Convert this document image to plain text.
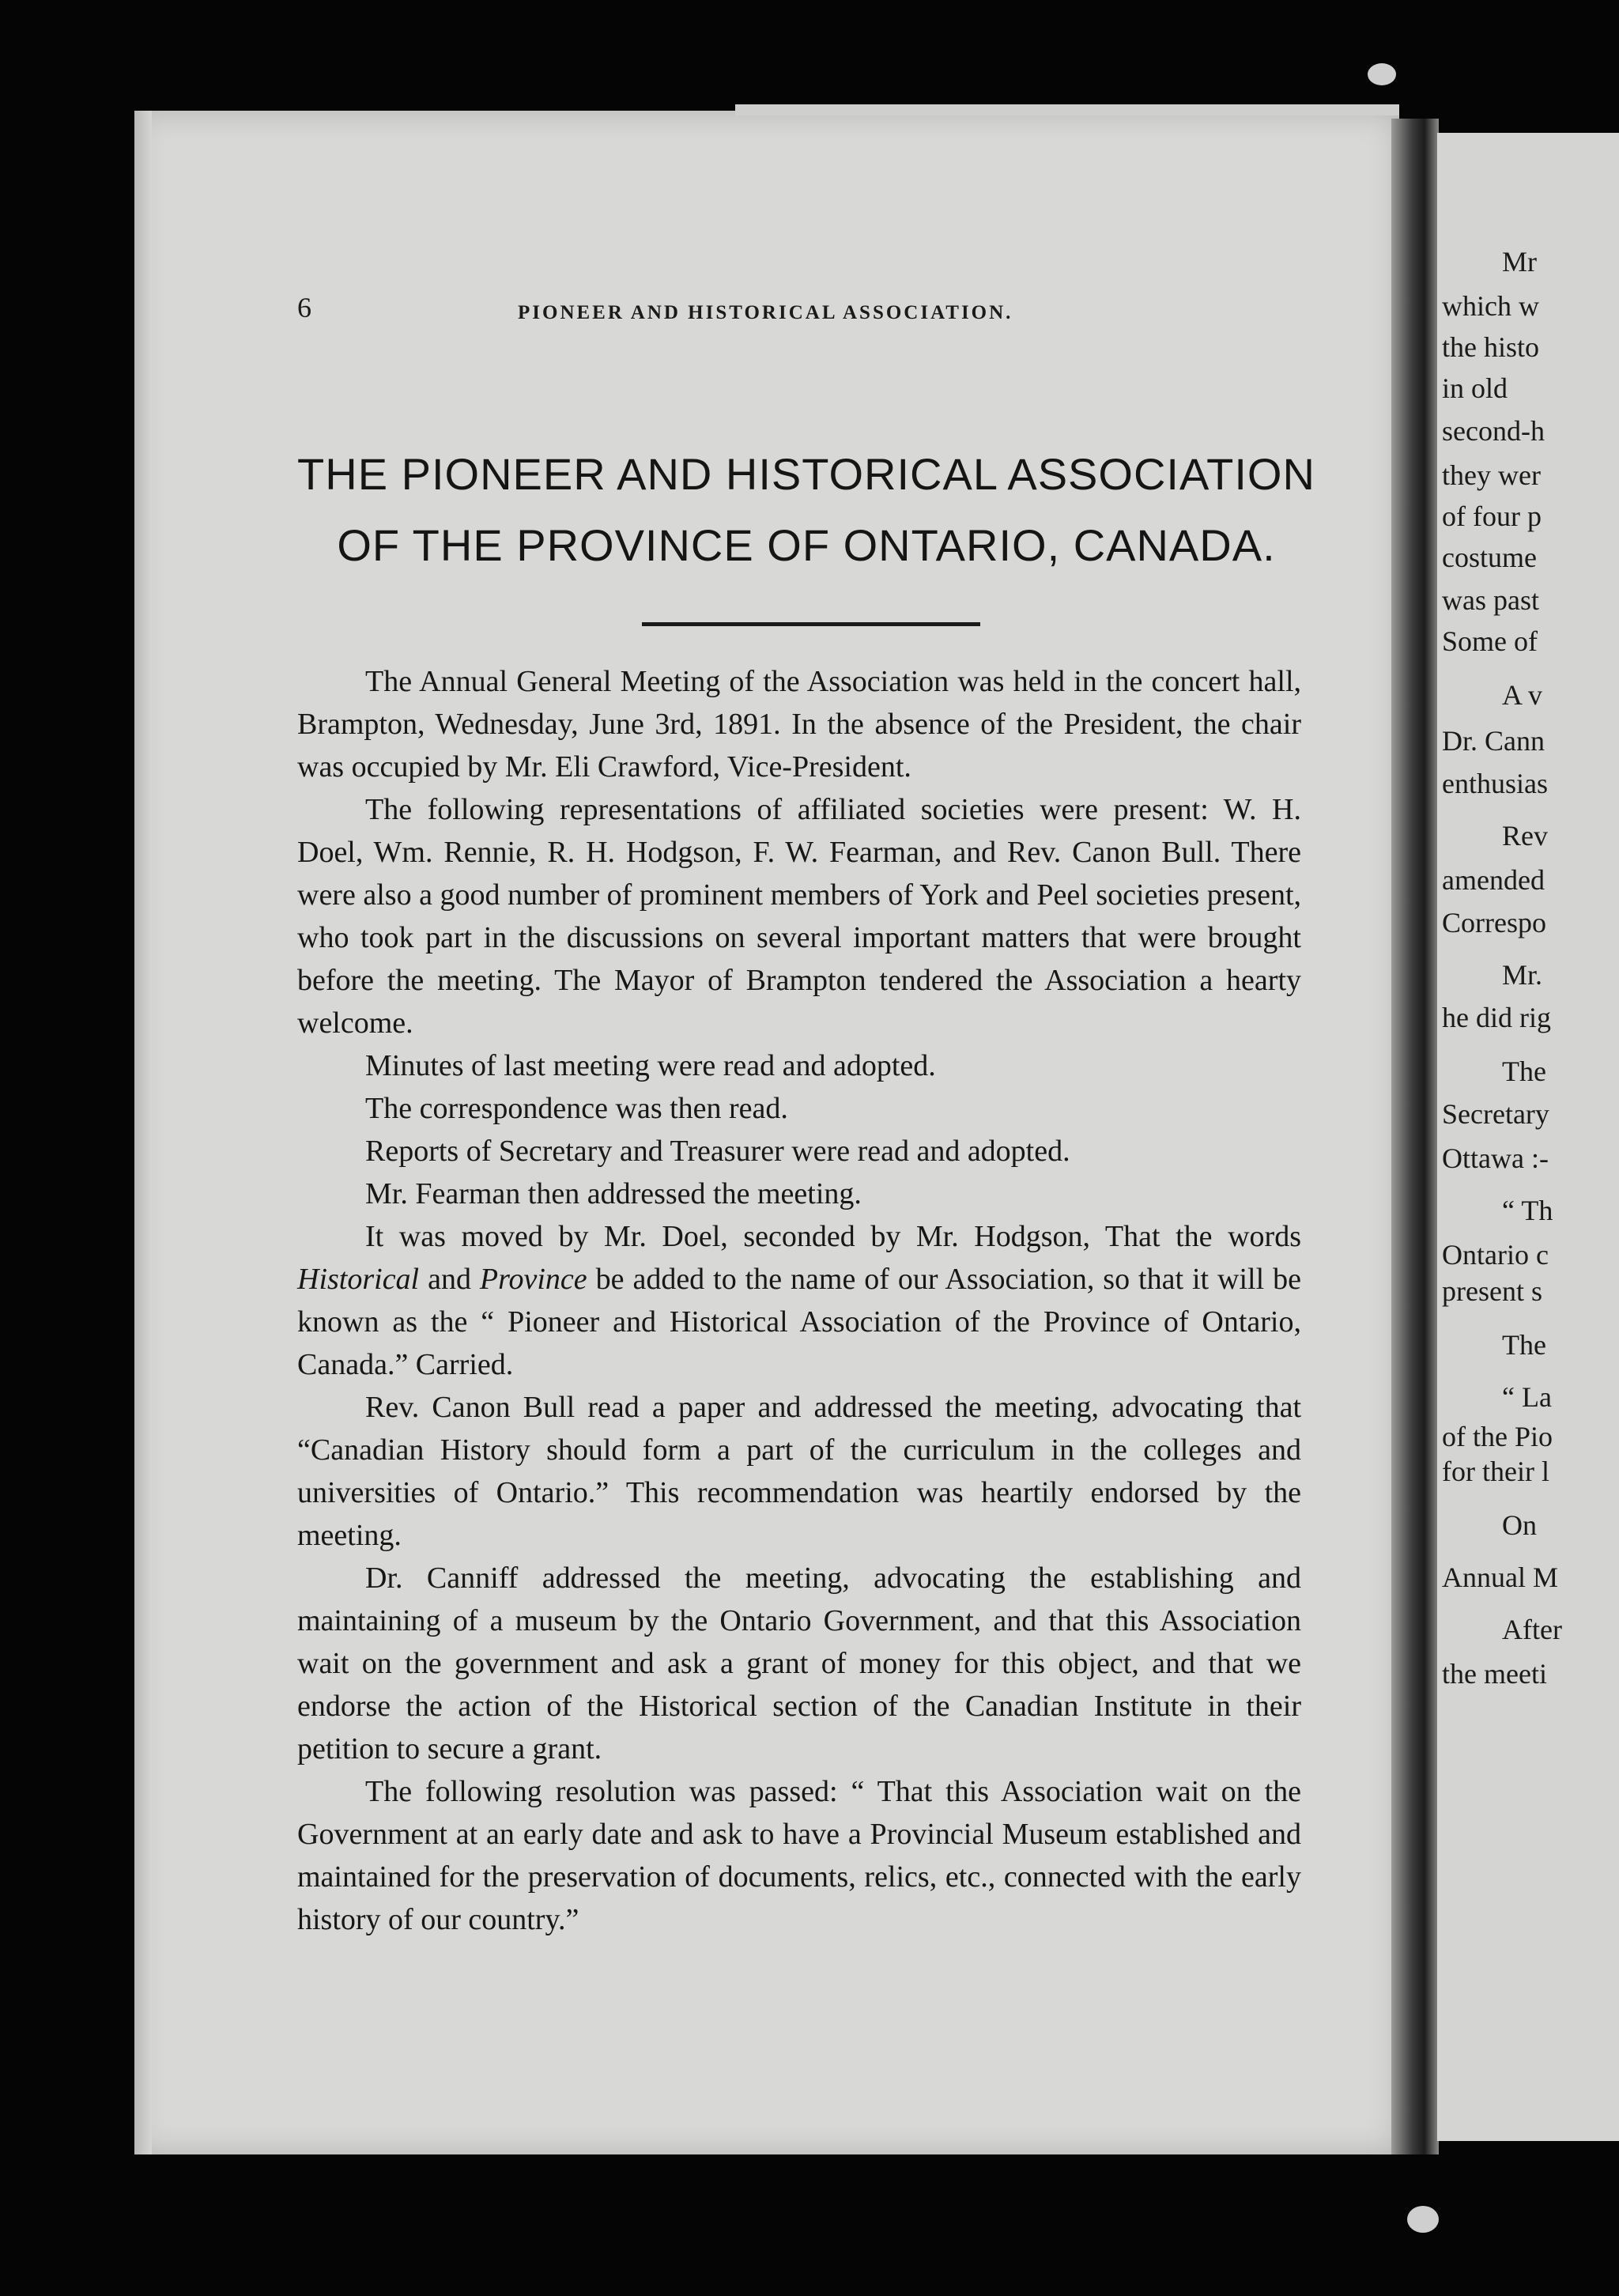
Mr
which w
the histo
in old
second-h
they wer
of four p
costume
was past
Some of
A v
Dr. Cann
enthusias
Rev
amended
Correspo
Mr.
he did rig
The
Secretary
Ottawa :-
“ Th
Ontario c
present s
The
“ La
of the Pio
for their l
On
Annual M
After
the meeti
6	PIONEER AND HISTORICAL ASSOCIATION.
THE PIONEER AND HISTORICAL ASSOCIATION
OF THE PROVINCE OF ONTARIO, CANADA.

The Annual General Meeting of the Association was held in the concert hall, Brampton, Wednesday, June 3rd, 1891. In the absence of the President, the chair was occupied by Mr. Eli Crawford, Vice-President.

The following representations of affiliated societies were present: W. H. Doel, Wm. Rennie, R. H. Hodgson, F. W. Fearman, and Rev. Canon Bull. There were also a good number of prominent members of York and Peel societies present, who took part in the discussions on several important matters that were brought before the meeting. The Mayor of Brampton tendered the Association a hearty welcome.

Minutes of last meeting were read and adopted.

The correspondence was then read.

Reports of Secretary and Treasurer were read and adopted.

Mr. Fearman then addressed the meeting.

It was moved by Mr. Doel, seconded by Mr. Hodgson, That the words Historical and Province be added to the name of our Association, so that it will be known as the “ Pioneer and Historical Association of the Province of Ontario, Canada.” Carried.

Rev. Canon Bull read a paper and addressed the meeting, advocating that “Canadian History should form a part of the curriculum in the colleges and universities of Ontario.” This recommendation was heartily endorsed by the meeting.

Dr. Canniff addressed the meeting, advocating the establishing and maintaining of a museum by the Ontario Government, and that this Association wait on the government and ask a grant of money for this object, and that we endorse the action of the Historical section of the Canadian Institute in their petition to secure a grant.

The following resolution was passed: “ That this Association wait on the Government at an early date and ask to have a Provincial Museum established and maintained for the preservation of documents, relics, etc., connected with the early history of our country.”
